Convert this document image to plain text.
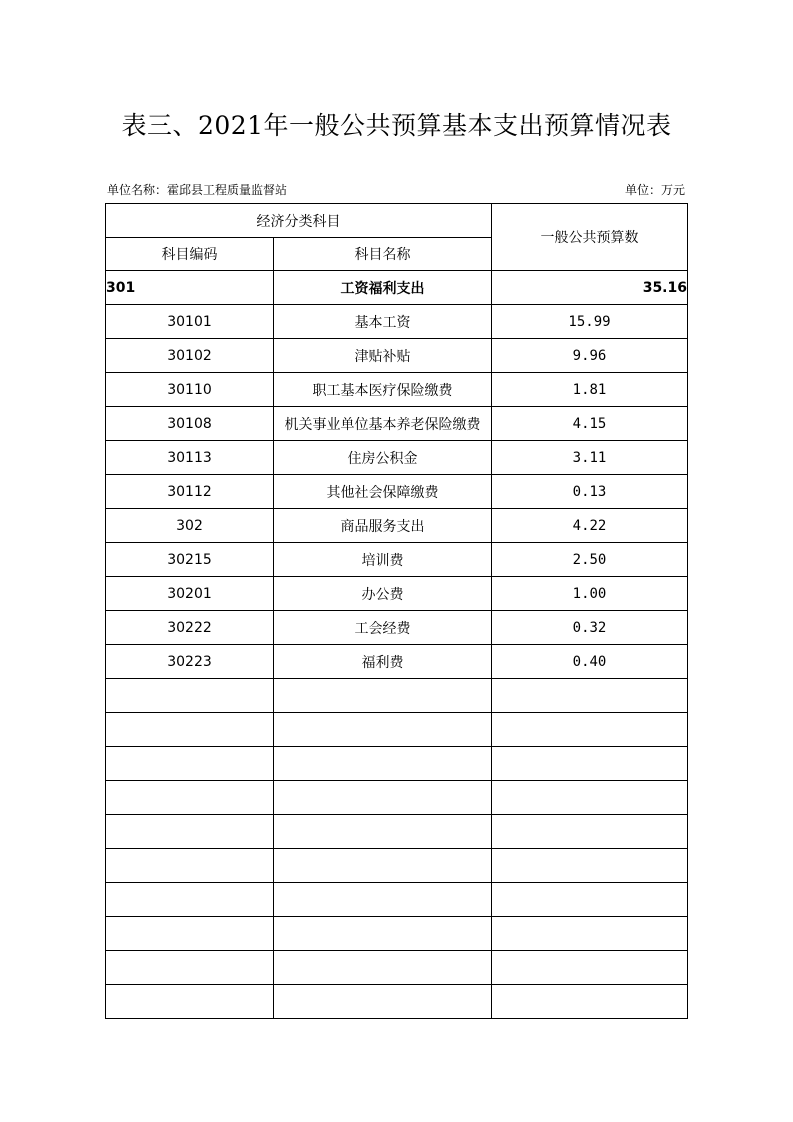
表三、2021年一般公共预算基本支出预算情况表
单位名称：霍邱县工程质量监督站	单位：万元
经济分类科目		一般公共预算数
科目编码	科目名称	
301	工资福利支出	35.16
30101	基本工资	15.99
30102	津贴补贴	9.96
30110	职工基本医疗保险缴费	1.81
30108	机关事业单位基本养老保险缴费	4.15
30113	住房公积金	3.11
30112	其他社会保障缴费	0.13
302	商品服务支出	4.22
30215	培训费	2.50
30201	办公费	1.00
30222	工会经费	0.32
30223	福利费	0.40
